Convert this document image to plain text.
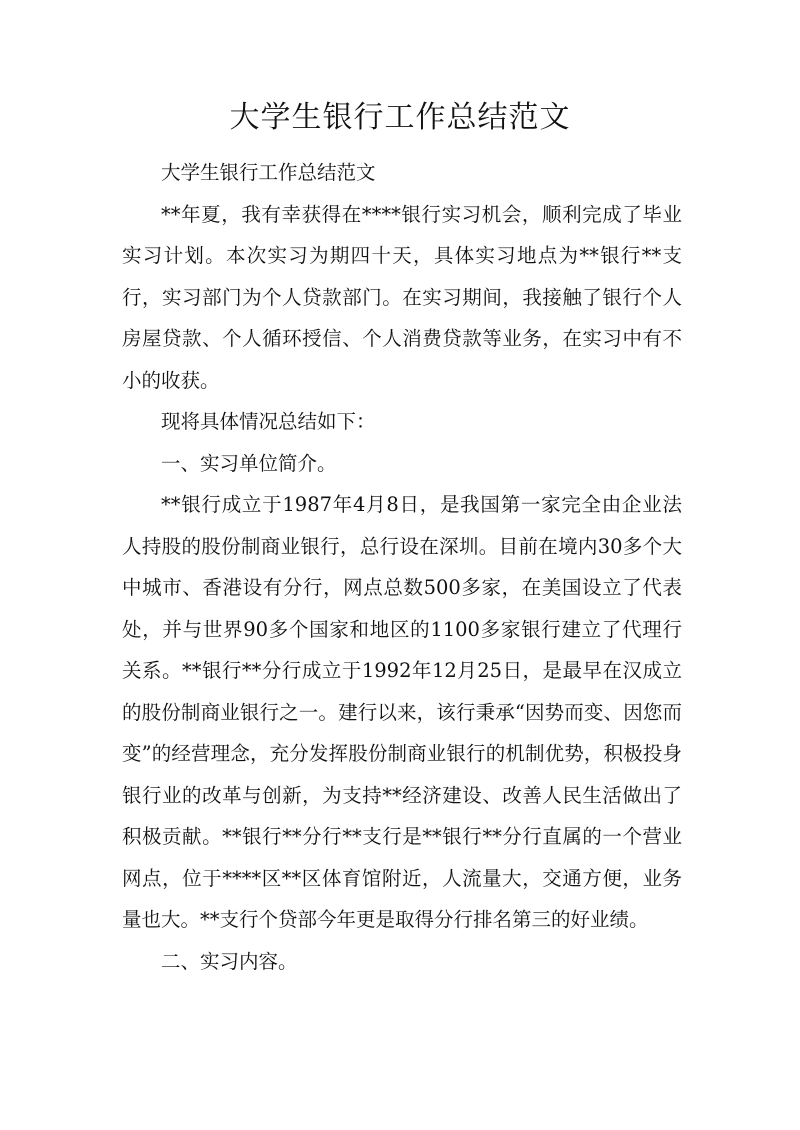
大学生银行工作总结范文

大学生银行工作总结范文

**年夏，我有幸获得在****银行实习机会，顺利完成了毕业实习计划。本次实习为期四十天，具体实习地点为**银行**支行，实习部门为个人贷款部门。在实习期间，我接触了银行个人房屋贷款、个人循环授信、个人消费贷款等业务，在实习中有不小的收获。

现将具体情况总结如下：

一、实习单位简介。

**银行成立于1987年4月8日，是我国第一家完全由企业法人持股的股份制商业银行，总行设在深圳。目前在境内30多个大中城市、香港设有分行，网点总数500多家，在美国设立了代表处，并与世界90多个国家和地区的1100多家银行建立了代理行关系。**银行**分行成立于1992年12月25日，是最早在汉成立的股份制商业银行之一。建行以来，该行秉承“因势而变、因您而变”的经营理念，充分发挥股份制商业银行的机制优势，积极投身银行业的改革与创新，为支持**经济建设、改善人民生活做出了积极贡献。**银行**分行**支行是**银行**分行直属的一个营业网点，位于****区**区体育馆附近，人流量大，交通方便，业务量也大。**支行个贷部今年更是取得分行排名第三的好业绩。

二、实习内容。
